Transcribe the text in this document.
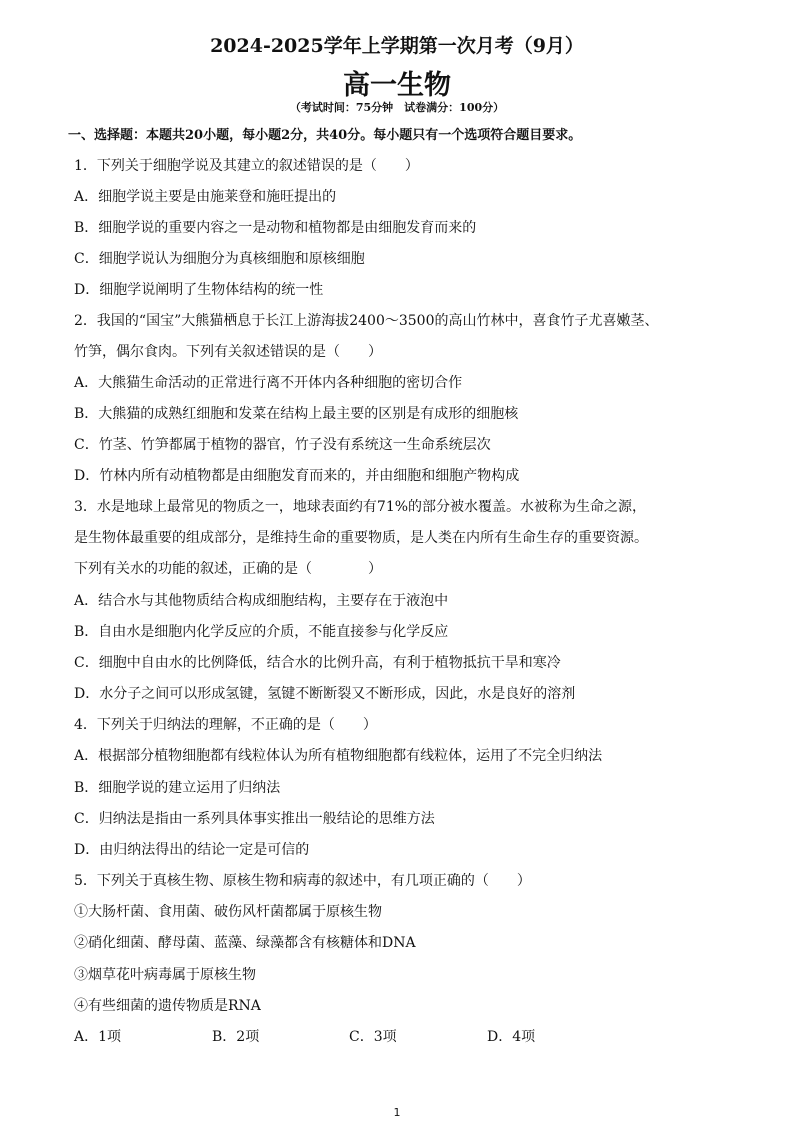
2024-2025学年上学期第一次月考（9月）
高一生物
（考试时间：75分钟　试卷满分：100分）
一、选择题：本题共20小题，每小题2分，共40分。每小题只有一个选项符合题目要求。
1．下列关于细胞学说及其建立的叙述错误的是（　　）
A．细胞学说主要是由施莱登和施旺提出的
B．细胞学说的重要内容之一是动物和植物都是由细胞发育而来的
C．细胞学说认为细胞分为真核细胞和原核细胞
D．细胞学说阐明了生物体结构的统一性
2．我国的“国宝”大熊猫栖息于长江上游海拔2400～3500的高山竹林中，喜食竹子尤喜嫩茎、
竹笋，偶尔食肉。下列有关叙述错误的是（　　）
A．大熊猫生命活动的正常进行离不开体内各种细胞的密切合作
B．大熊猫的成熟红细胞和发菜在结构上最主要的区别是有成形的细胞核
C．竹茎、竹笋都属于植物的器官，竹子没有系统这一生命系统层次
D．竹林内所有动植物都是由细胞发育而来的，并由细胞和细胞产物构成
3．水是地球上最常见的物质之一，地球表面约有71%的部分被水覆盖。水被称为生命之源，
是生物体最重要的组成部分，是维持生命的重要物质，是人类在内所有生命生存的重要资源。
下列有关水的功能的叙述，正确的是（　　　　）
A．结合水与其他物质结合构成细胞结构，主要存在于液泡中
B．自由水是细胞内化学反应的介质，不能直接参与化学反应
C．细胞中自由水的比例降低，结合水的比例升高，有利于植物抵抗干旱和寒冷
D．水分子之间可以形成氢键，氢键不断断裂又不断形成，因此，水是良好的溶剂
4．下列关于归纳法的理解，不正确的是（　　）
A．根据部分植物细胞都有线粒体认为所有植物细胞都有线粒体，运用了不完全归纳法
B．细胞学说的建立运用了归纳法
C．归纳法是指由一系列具体事实推出一般结论的思维方法
D．由归纳法得出的结论一定是可信的
5．下列关于真核生物、原核生物和病毒的叙述中，有几项正确的（　　）
①大肠杆菌、食用菌、破伤风杆菌都属于原核生物
②硝化细菌、酵母菌、蓝藻、绿藻都含有核糖体和DNA
③烟草花叶病毒属于原核生物
④有些细菌的遗传物质是RNA
A．1项	B．2项	C．3项	D．4项
1
